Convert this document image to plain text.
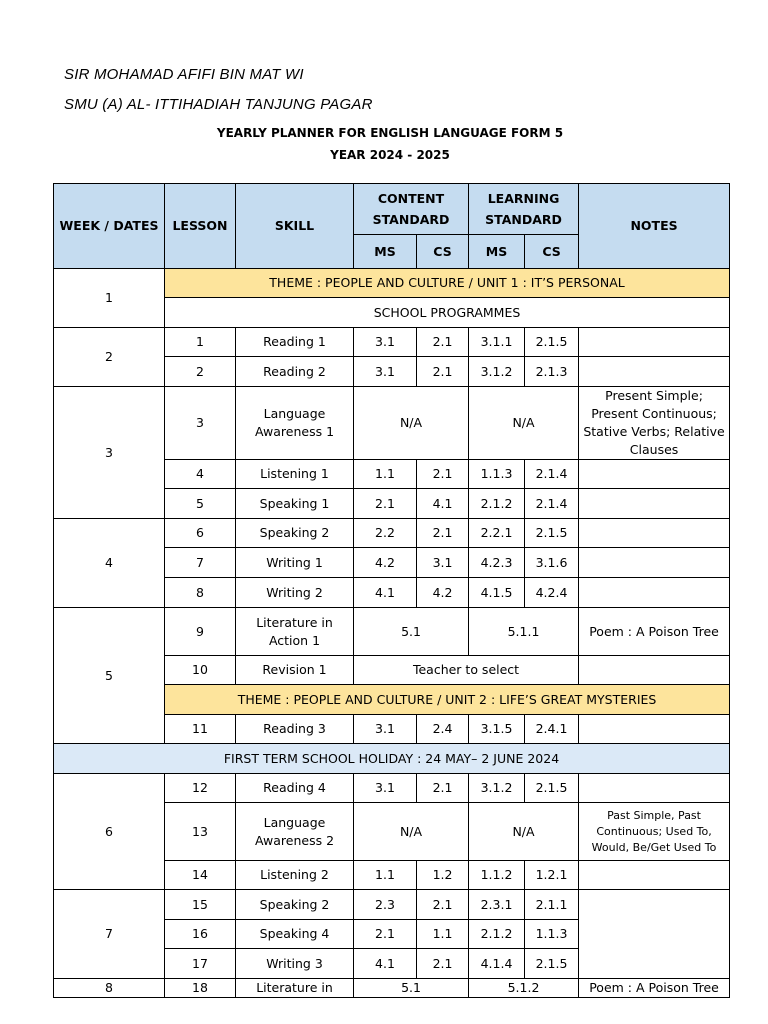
SIR MOHAMAD AFIFI BIN MAT WI
SMU (A) AL- ITTIHADIAH TANJUNG PAGAR
YEARLY PLANNER FOR ENGLISH LANGUAGE FORM 5
YEAR 2024 - 2025
WEEK / DATES	LESSON	SKILL	CONTENT STANDARD		LEARNING STANDARD		NOTES
			MS	CS	MS	CS	
1	THEME : PEOPLE AND CULTURE / UNIT 1 : IT’S PERSONAL						
	SCHOOL PROGRAMMES						
2	1	Reading 1	3.1	2.1	3.1.1	2.1.5	
	2	Reading 2	3.1	2.1	3.1.2	2.1.3	
3	3	Language Awareness 1	N/A		N/A		Present Simple; Present Continuous; Stative Verbs; Relative Clauses
	4	Listening 1	1.1	2.1	1.1.3	2.1.4	
	5	Speaking 1	2.1	4.1	2.1.2	2.1.4	
4	6	Speaking 2	2.2	2.1	2.2.1	2.1.5	
	7	Writing 1	4.2	3.1	4.2.3	3.1.6	
	8	Writing 2	4.1	4.2	4.1.5	4.2.4	
5	9	Literature in Action 1	5.1		5.1.1		Poem : A Poison Tree
	10	Revision 1	Teacher to select				
	THEME : PEOPLE AND CULTURE / UNIT 2 : LIFE’S GREAT MYSTERIES						
	11	Reading 3	3.1	2.4	3.1.5	2.4.1	
FIRST TERM SCHOOL HOLIDAY : 24 MAY– 2 JUNE 2024							
6	12	Reading 4	3.1	2.1	3.1.2	2.1.5	
	13	Language Awareness 2	N/A		N/A		Past Simple, Past Continuous; Used To, Would, Be/Get Used To
	14	Listening 2	1.1	1.2	1.1.2	1.2.1	
7	15	Speaking 2	2.3	2.1	2.3.1	2.1.1	
	16	Speaking 4	2.1	1.1	2.1.2	1.1.3	
	17	Writing 3	4.1	2.1	4.1.4	2.1.5	
8	18	Literature in	5.1		5.1.2		Poem : A Poison Tree
